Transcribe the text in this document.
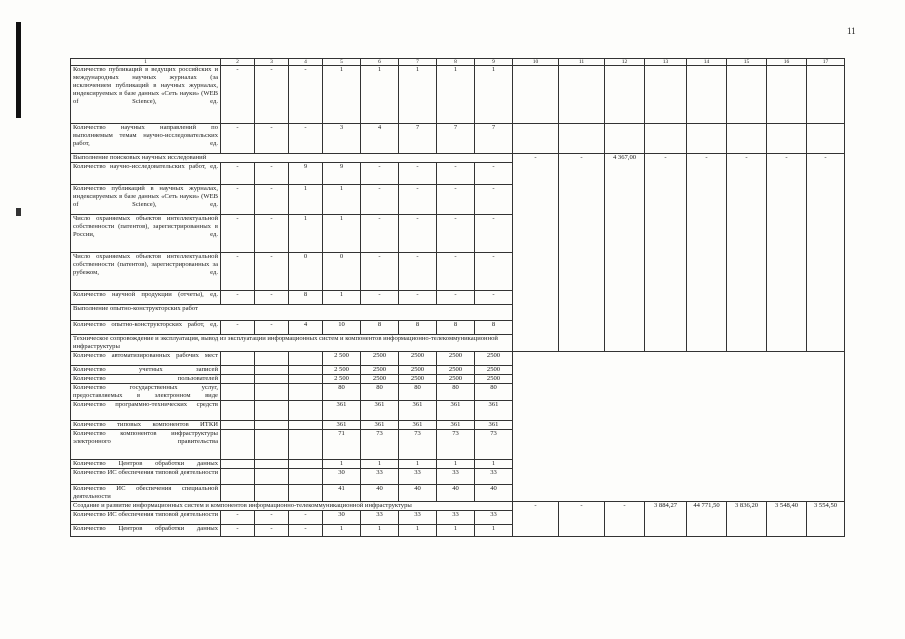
11
1	2	3	4	5	6	7	8	9	10	11	12	13	14	15	16	17	
Количество публикаций в ведущих российских и международных научных журналах (за исключением публикаций в научных журналах, индексируемых в базе данных «Сеть науки» (WEB of Science), ед.	-	-	-	1	1	1	1	1									
Количество научных направлений по выполняемым темам научно-исследовательских работ, ед.	-	-	-	3	4	7	7	7									
Выполнение поисковых научных исследований									-	-	4 367,00	-	-	-	-	-	
Количество научно-исследовательских работ, ед.	-	-	9	9	-	-	-	-									
Количество публикаций в научных журналах, индексируемых в базе данных «Сеть науки» (WEB of Science), ед.	-	-	1	1	-	-	-	-									
Число охраняемых объектов интеллектуальной собственности (патентов), зарегистрированных в России, ед.	-	-	1	1	-	-	-	-									
Число охраняемых объектов интеллектуальной собственности (патентов), зарегистрированных за рубежом, ед.	-	-	0	0	-	-	-	-									
Количество научной продукции (отчеты), ед.	-	-	8	1	-	-	-	-									
Выполнение опытно-конструкторских работ								
Количество опытно-конструкторских работ, ед.	-	-	4	10	8	8	8	8									
Техническое сопровождение и эксплуатация, вывод из эксплуатации информационных систем и компонентов информационно-телекоммуникационной инфраструктуры								
Количество автоматизированных рабочих мест				2 500	2500	2500	2500	2500									
Количество учетных записей				2 500	2500	2500	2500	2500									
Количество пользователей				2 500	2500	2500	2500	2500									
Количество государственных услуг, предоставляемых в электронном виде				80	80	80	80	80									
Количество программно-технических средств				361	361	361	361	361									
Количество типовых компонентов ИТКИ				361	361	361	361	361									
Количество компонентов инфраструктуры электронного правительства				71	73	73	73	73									
Количество Центров обработки данных				1	1	1	1	1									
Количество ИС обеспечения типовой деятельности				30	33	33	33	33									
Количество ИС обеспечения специальной деятельности				41	40	40	40	40									
Создание и развитие информационных систем и компонентов информационно-телекоммуникационной инфраструктуры									-	-	-	3 884,27	44 771,50	3 836,20	3 548,40	3 554,50	
Количество ИС обеспечения типовой деятельности	-	-	-	30	33	33	33	33									
Количество Центров обработки данных	-	-	-	1	1	1	1	1									
